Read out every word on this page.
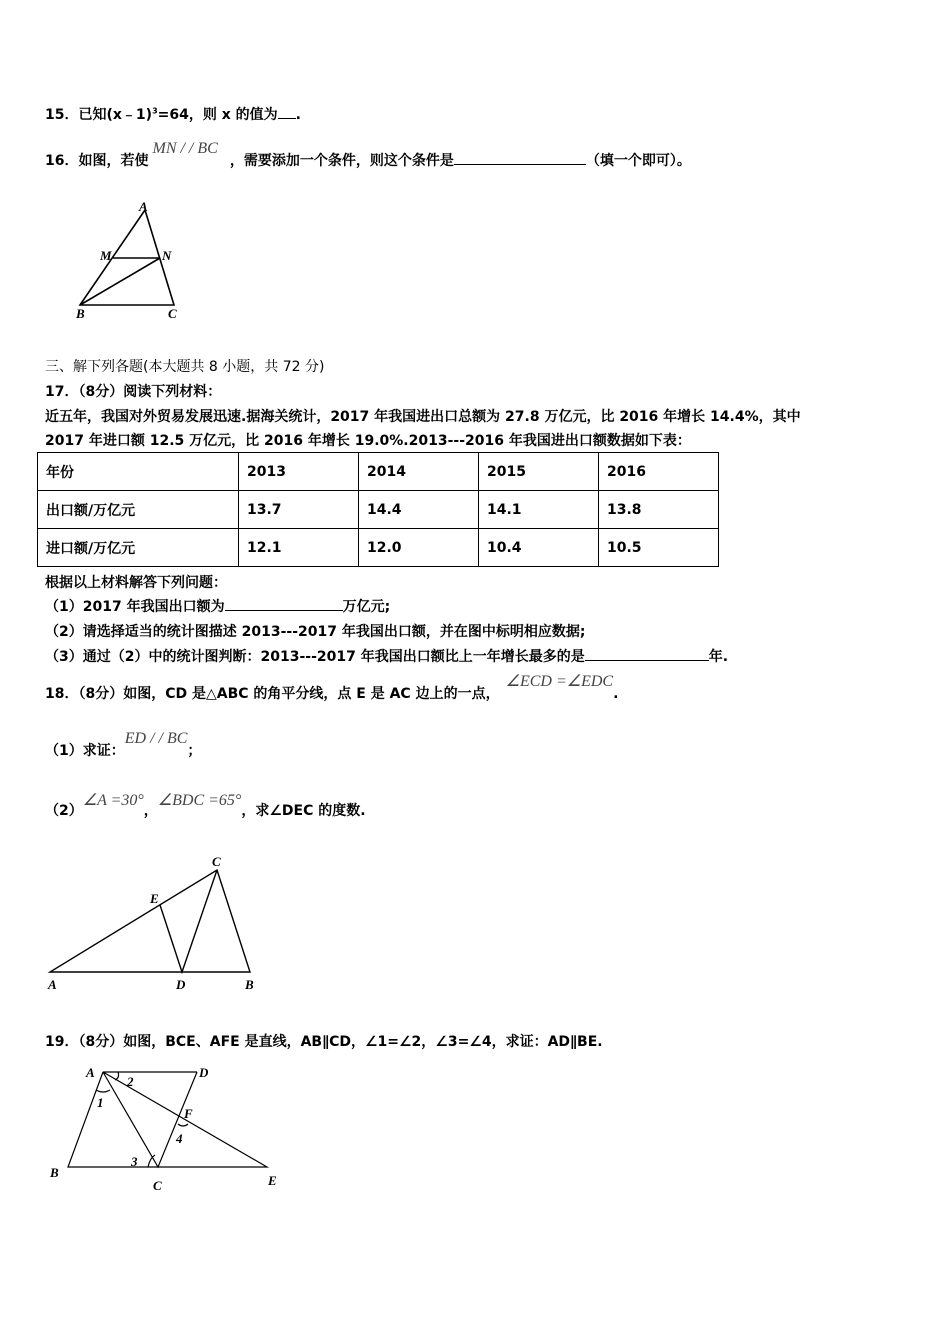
15．已知(x﹣1)$^3$=64，则 x 的值为 .
16．如图，若使MN / / BC，需要添加一个条件，则这个条件是	（填一个即可）。
A
M	N
B	C
C
E
A	D	B
A	D
F
B
C	E
1
2
3
4
三、解下列各题(本大题共 8 小题，共 72 分)
17．（8分）阅读下列材料：
近五年，我国对外贸易发展迅速.据海关统计，2017 年我国进出口总额为 27.8 万亿元，比 2016 年增长 14.4%，其中
2017 年进口额 12.5 万亿元，比 2016 年增长 19.0%.2013---2016 年我国进出口额数据如下表：
年份	2013	2014	2015	2016
出口额/万亿元	13.7	14.4	14.1	13.8
进口额/万亿元	12.1	12.0	10.4	10.5
根据以上材料解答下列问题：
（1）2017 年我国出口额为	万亿元;
（2）请选择适当的统计图描述 2013---2017 年我国出口额，并在图中标明相应数据;
（3）通过（2）中的统计图判断：2013---2017 年我国出口额比上一年增长最多的是	年.
18．（8分）如图，CD 是△ABC 的角平分线，点 E 是 AC 边上的一点，∠ECD =∠EDC.
（1）求证：ED / / BC；
（2）∠A =30°，∠BDC =65°，求∠DEC 的度数.
19．（8分）如图，BCE、AFE 是直线，AB∥CD，∠1=∠2，∠3=∠4，求证：AD∥BE.
